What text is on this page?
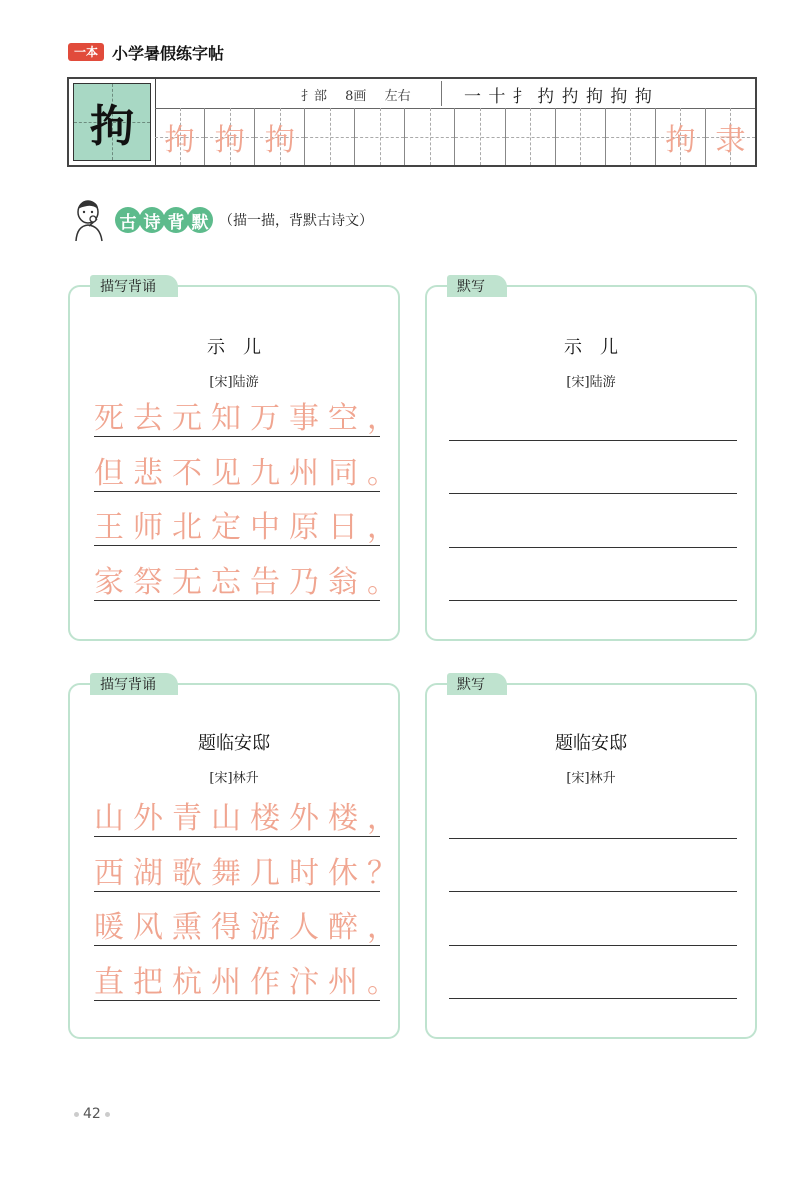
一本 小学暑假练字帖
拘
扌部 8画 左右	一 十 扌 扚 扚 拘 拘 拘
拘 拘 拘	拘 隶
古 诗 背 默 （描一描，背默古诗文）
描写背诵
示　儿
[宋]陆游
死去元知万事空，
但悲不见九州同。
王师北定中原日，
家祭无忘告乃翁。
默写
示　儿
[宋]陆游
描写背诵
题临安邸
[宋]林升
山外青山楼外楼，
西湖歌舞几时休？
暖风熏得游人醉，
直把杭州作汴州。
默写
题临安邸
[宋]林升
42
